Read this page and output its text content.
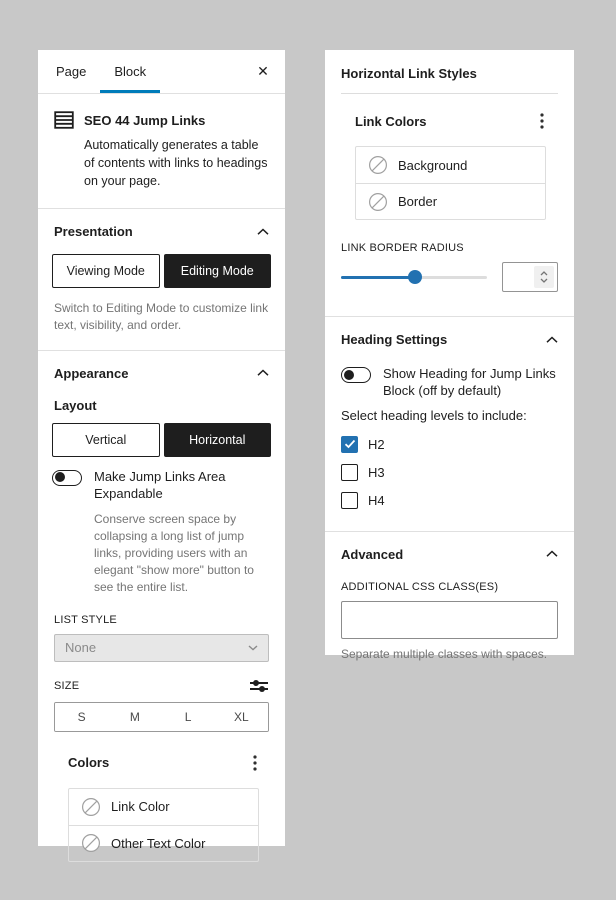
Page	Block	✕
SEO 44 Jump Links
Automatically generates a table of contents with links to headings on your page.
Presentation
Viewing Mode	Editing Mode
Switch to Editing Mode to customize link text, visibility, and order.
Appearance
Layout
Vertical	Horizontal
Make Jump Links Area Expandable
Conserve screen space by collapsing a long list of jump links, providing users with an elegant "show more" button to see the entire list.
LIST STYLE
None
SIZE
S	M	L	XL
Colors
Link Color
Other Text Color
Horizontal Link Styles
Link Colors
Background
Border
LINK BORDER RADIUS
Heading Settings
Show Heading for Jump Links Block (off by default)
Select heading levels to include:
H2
H3
H4
Advanced
ADDITIONAL CSS CLASS(ES)
Separate multiple classes with spaces.
